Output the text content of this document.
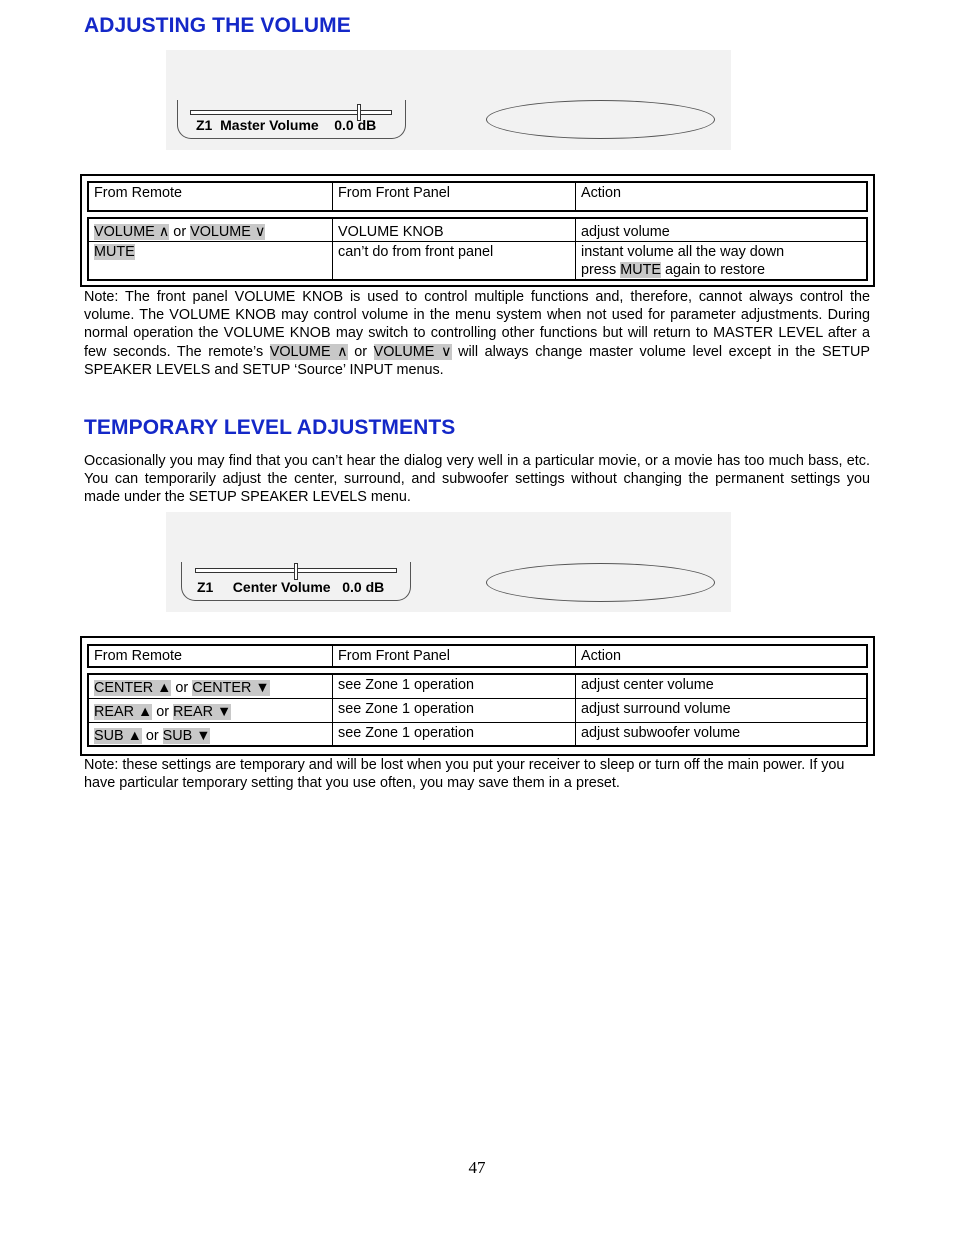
ADJUSTING THE VOLUME
Z1 Master Volume 0.0 dB
From Remote	From Front Panel	Action
VOLUME ∧ or VOLUME ∨	VOLUME KNOB	adjust volume
MUTE	can’t do from front panel	instant volume all the way down
press MUTE again to restore

Note: The front panel VOLUME KNOB is used to control multiple functions and, therefore, cannot always control the volume. The VOLUME KNOB may control volume in the menu system when not used for parameter adjustments. During normal operation the VOLUME KNOB may switch to controlling other functions but will return to MASTER LEVEL after a few seconds. The remote’s VOLUME ∧ or VOLUME ∨ will always change master volume level except in the SETUP SPEAKER LEVELS and SETUP ‘Source’ INPUT menus.

TEMPORARY LEVEL ADJUSTMENTS

Occasionally you may find that you can’t hear the dialog very well in a particular movie, or a movie has too much bass, etc. You can temporarily adjust the center, surround, and subwoofer settings without changing the permanent settings you made under the SETUP SPEAKER LEVELS menu.

Z1 Center Volume 0.0 dB
From Remote	From Front Panel	Action
CENTER ▲ or CENTER ▼	see Zone 1 operation	adjust center volume
REAR ▲ or REAR ▼	see Zone 1 operation	adjust surround volume
SUB ▲ or SUB ▼	see Zone 1 operation	adjust subwoofer volume

Note: these settings are temporary and will be lost when you put your receiver to sleep or turn off the main power. If you have particular temporary setting that you use often, you may save them in a preset.

47
